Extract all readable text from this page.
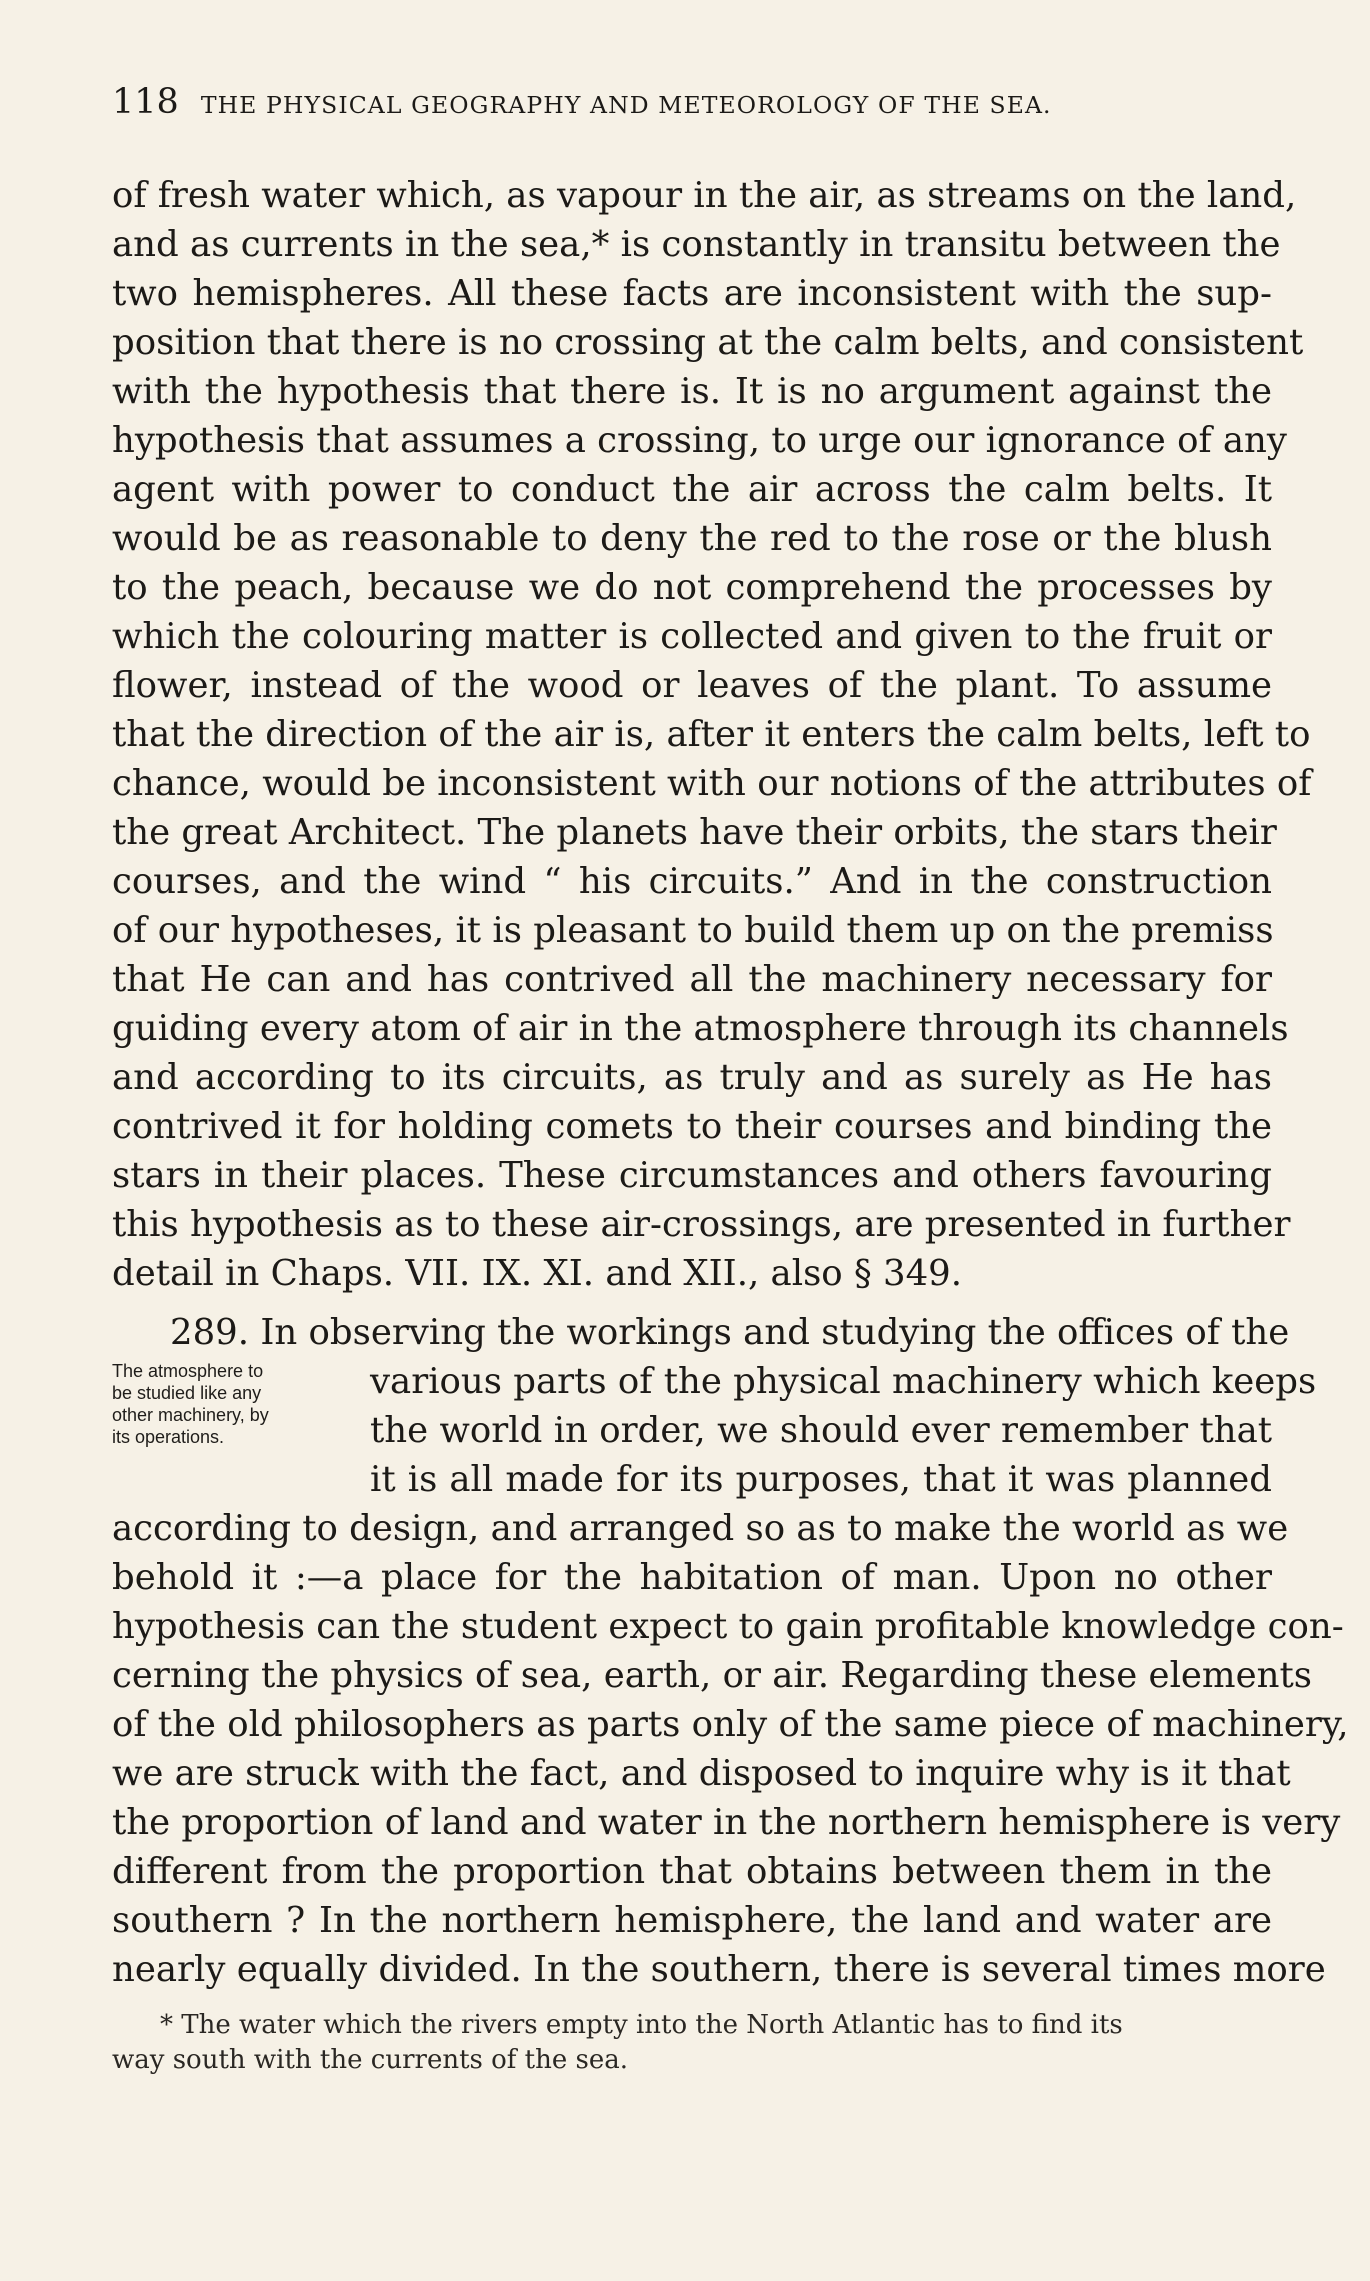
118 THE PHYSICAL GEOGRAPHY AND METEOROLOGY OF THE SEA.
of fresh water which, as vapour in the air, as streams on the land,
and as currents in the sea,* is constantly in transitu between the
two hemispheres. All these facts are inconsistent with the sup-
position that there is no crossing at the calm belts, and consistent
with the hypothesis that there is. It is no argument against the
hypothesis that assumes a crossing, to urge our ignorance of any
agent with power to conduct the air across the calm belts. It
would be as reasonable to deny the red to the rose or the blush
to the peach, because we do not comprehend the processes by
which the colouring matter is collected and given to the fruit or
flower, instead of the wood or leaves of the plant. To assume
that the direction of the air is, after it enters the calm belts, left to
chance, would be inconsistent with our notions of the attributes of
the great Architect. The planets have their orbits, the stars their
courses, and the wind “ his circuits.” And in the construction
of our hypotheses, it is pleasant to build them up on the premiss
that He can and has contrived all the machinery necessary for
guiding every atom of air in the atmosphere through its channels
and according to its circuits, as truly and as surely as He has
contrived it for holding comets to their courses and binding the
stars in their places. These circumstances and others favouring
this hypothesis as to these air-crossings, are presented in further
detail in Chaps. VII. IX. XI. and XII., also § 349.
289. In observing the workings and studying the offices of the
The atmosphere to
be studied like any
other machinery, by
its operations.
various parts of the physical machinery which keeps
the world in order, we should ever remember that
it is all made for its purposes, that it was planned
according to design, and arranged so as to make the world as we
behold it :—a place for the habitation of man. Upon no other
hypothesis can the student expect to gain profitable knowledge con-
cerning the physics of sea, earth, or air. Regarding these elements
of the old philosophers as parts only of the same piece of machinery,
we are struck with the fact, and disposed to inquire why is it that
the proportion of land and water in the northern hemisphere is very
different from the proportion that obtains between them in the
southern ? In the northern hemisphere, the land and water are
nearly equally divided. In the southern, there is several times more
* The water which the rivers empty into the North Atlantic has to find its
way south with the currents of the sea.
